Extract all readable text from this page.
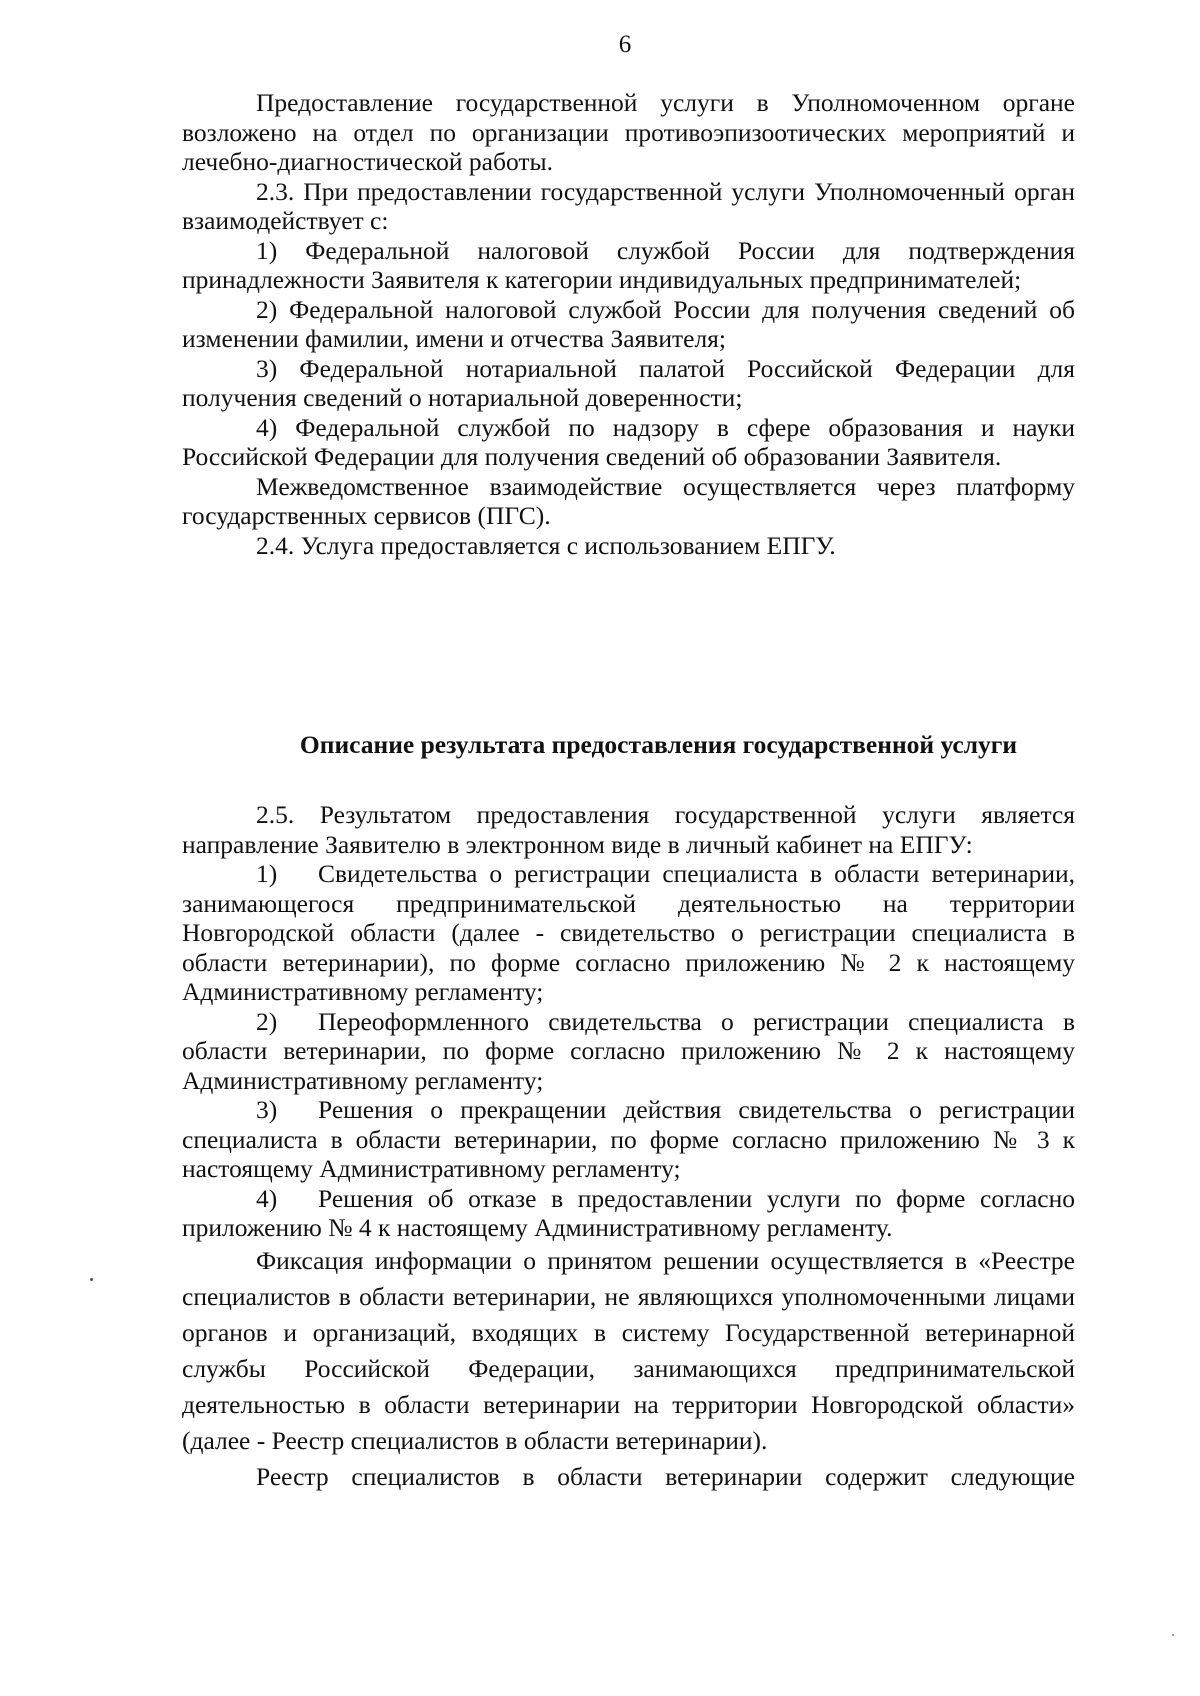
6

Предоставление государственной услуги в Уполномоченном органе возложено на отдел по организации противоэпизоотических мероприятий и лечебно-диагностической работы.

2.3. При предоставлении государственной услуги Уполномоченный орган взаимодействует с:

1) Федеральной налоговой службой России для подтверждения принадлежности Заявителя к категории индивидуальных предпринимателей;

2) Федеральной налоговой службой России для получения сведений об изменении фамилии, имени и отчества Заявителя;

3) Федеральной нотариальной палатой Российской Федерации для получения сведений о нотариальной доверенности;

4) Федеральной службой по надзору в сфере образования и науки Российской Федерации для получения сведений об образовании Заявителя.

Межведомственное взаимодействие осуществляется через платформу государственных сервисов (ПГС).

2.4. Услуга предоставляется с использованием ЕПГУ.

Описание результата предоставления государственной услуги

2.5. Результатом предоставления государственной услуги является направление Заявителю в электронном виде в личный кабинет на ЕПГУ:

1) Свидетельства о регистрации специалиста в области ветеринарии, занимающегося предпринимательской деятельностью на территории Новгородской области (далее - свидетельство о регистрации специалиста в области ветеринарии), по форме согласно приложению № 2 к настоящему Административному регламенту;

2) Переоформленного свидетельства о регистрации специалиста в области ветеринарии, по форме согласно приложению № 2 к настоящему Административному регламенту;

3) Решения о прекращении действия свидетельства о регистрации специалиста в области ветеринарии, по форме согласно приложению № 3 к настоящему Административному регламенту;

4) Решения об отказе в предоставлении услуги по форме согласно приложению № 4 к настоящему Административному регламенту.

Фиксация информации о принятом решении осуществляется в «Реестре специалистов в области ветеринарии, не являющихся уполномоченными лицами органов и организаций, входящих в систему Государственной ветеринарной службы Российской Федерации, занимающихся предпринимательской деятельностью в области ветеринарии на территории Новгородской области» (далее - Реестр специалистов в области ветеринарии).

Реестр специалистов в области ветеринарии содержит следующие
